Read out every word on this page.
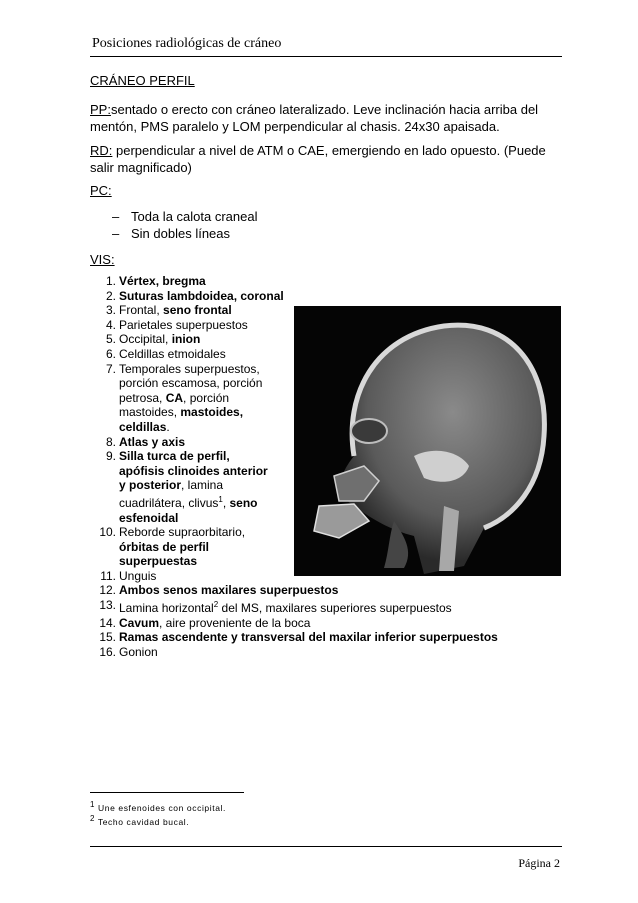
Posiciones radiológicas de cráneo
CRÁNEO PERFIL
PP:sentado o erecto con cráneo lateralizado. Leve inclinación hacia arriba del
mentón, PMS paralelo y LOM perpendicular al chasis. 24x30 apaisada.
RD: perpendicular a nivel de ATM o CAE, emergiendo en lado opuesto. (Puede
salir magnificado)
PC:
– Toda la calota craneal
– Sin dobles líneas
VIS:
1. Vértex, bregma
2. Suturas lambdoidea, coronal
3. Frontal, seno frontal
4. Parietales superpuestos
5. Occipital, inion
6. Celdillas etmoidales
7. Temporales superpuestos,
porción escamosa, porción
petrosa, CA, porción
mastoides, mastoides,
celdillas.
8. Atlas y axis
9. Silla turca de perfil,
apófisis clinoides anterior
y posterior, lamina
cuadrilátera, clivus$^1$, seno
esfenoidal
10. Reborde supraorbitario,
órbitas de perfil
superpuestas
11. Unguis
12. Ambos senos maxilares superpuestos
13. Lamina horizontal$^2$ del MS, maxilares superiores superpuestos
14. Cavum, aire proveniente de la boca
15. Ramas ascendente y transversal del maxilar inferior superpuestos
16. Gonion
$^1$ Une esfenoides con occipital.
$^2$ Techo cavidad bucal.
Página 2
